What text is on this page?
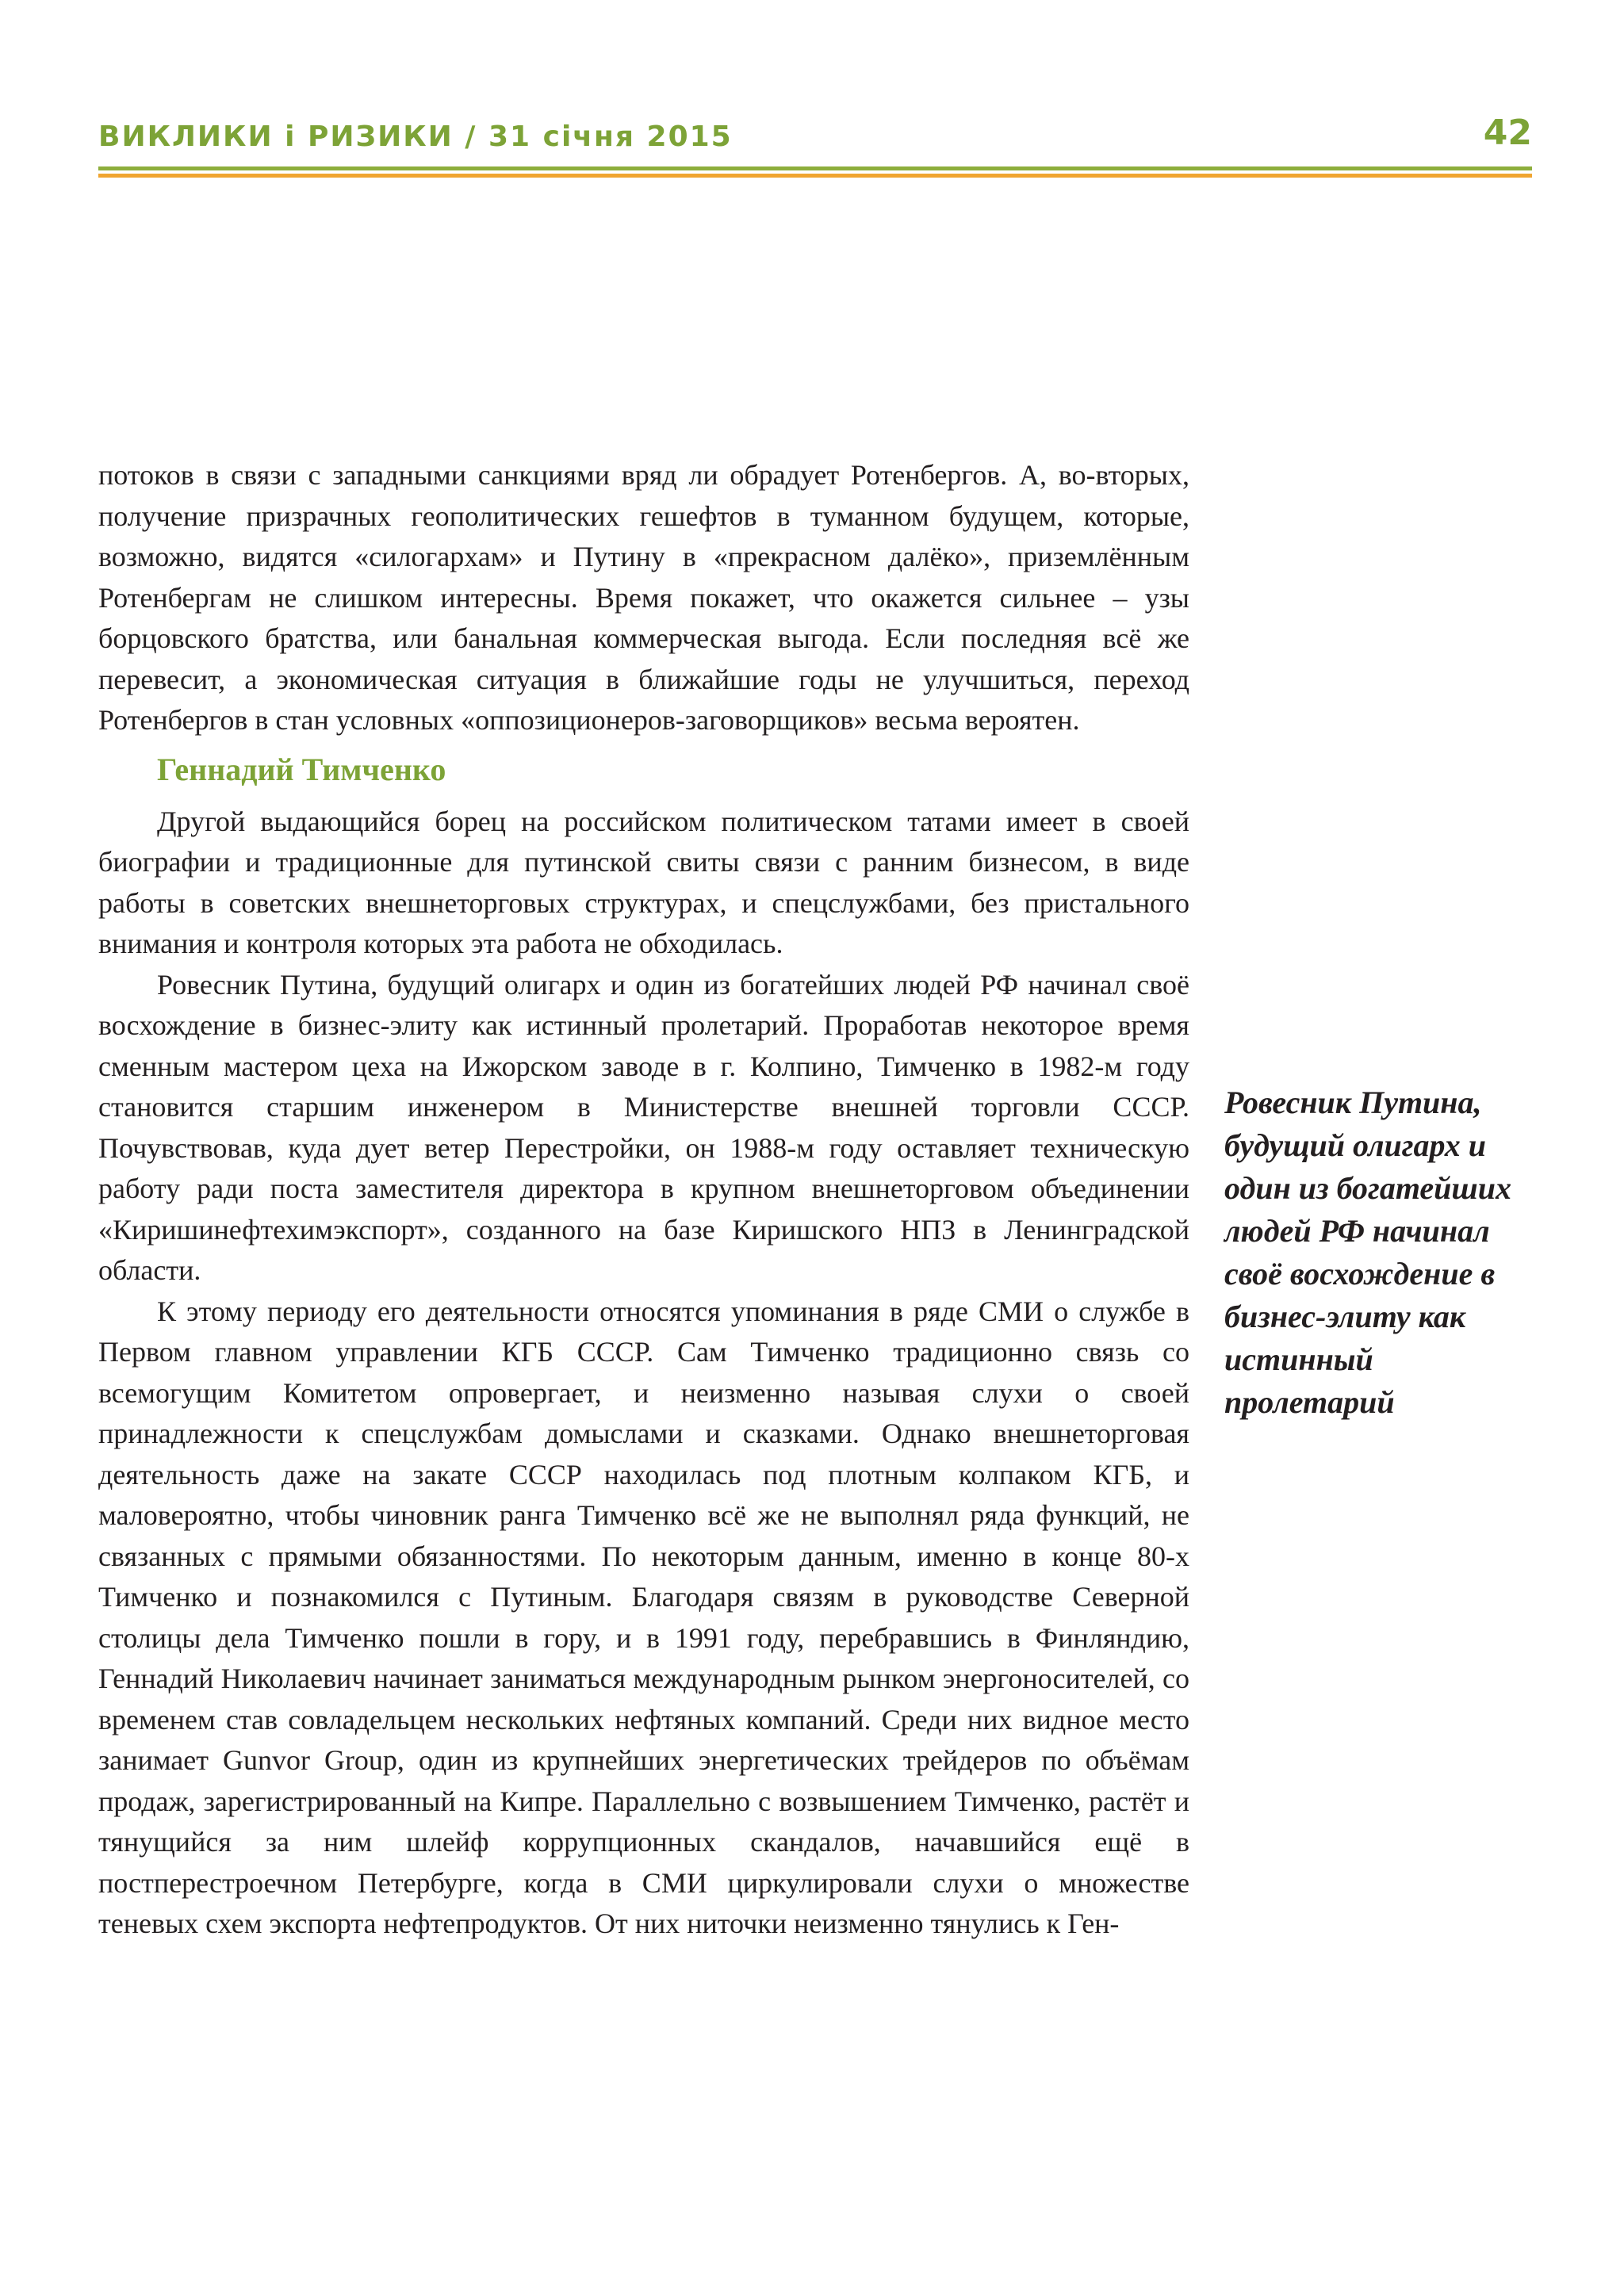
ВИКЛИКИ і РИЗИКИ / 31 січня 2015	42

потоков в связи с западными санкциями вряд ли обрадует Ротенбергов. А, во-вторых, получение призрачных геополитических гешефтов в туманном будущем, которые, возможно, видятся «силогархам» и Путину в «прекрасном далёко», приземлённым Ротенбергам не слишком интересны. Время покажет, что окажется сильнее – узы борцовского братства, или банальная коммерческая выгода. Если последняя всё же перевесит, а экономическая ситуация в ближайшие годы не улучшиться, переход Ротенбергов в стан условных «оппозиционеров-заговорщиков» весьма вероятен.

Геннадий Тимченко

Другой выдающийся борец на российском политическом татами имеет в своей биографии и традиционные для путинской свиты связи с ранним бизнесом, в виде работы в советских внешнеторговых структурах, и спецслужбами, без пристального внимания и контроля которых эта работа не обходилась.

Ровесник Путина, будущий олигарх и один из богатейших людей РФ начинал своё восхождение в бизнес-элиту как истинный пролетарий. Проработав некоторое время сменным мастером цеха на Ижорском заводе в г. Колпино, Тимченко в 1982-м году становится старшим инженером в Министерстве внешней торговли СССР. Почувствовав, куда дует ветер Перестройки, он 1988-м году оставляет техническую работу ради поста заместителя директора в крупном внешнеторговом объединении «Киришинефтехимэкспорт», созданного на базе Киришского НПЗ в Ленинградской области.

К этому периоду его деятельности относятся упоминания в ряде СМИ о службе в Первом главном управлении КГБ СССР. Сам Тимченко традиционно связь со всемогущим Комитетом опровергает, и неизменно называя слухи о своей принадлежности к спецслужбам домыслами и сказками. Однако внешнеторговая деятельность даже на закате СССР находилась под плотным колпаком КГБ, и маловероятно, чтобы чиновник ранга Тимченко всё же не выполнял ряда функций, не связанных с прямыми обязанностями. По некоторым данным, именно в конце 80-х Тимченко и познакомился с Путиным. Благодаря связям в руководстве Северной столицы дела Тимченко пошли в гору, и в 1991 году, перебравшись в Финляндию, Геннадий Николаевич начинает заниматься международным рынком энергоносителей, со временем став совладельцем нескольких нефтяных компаний. Среди них видное место занимает Gunvor Group, один из крупнейших энергетических трейдеров по объёмам продаж, зарегистрированный на Кипре. Параллельно с возвышением Тимченко, растёт и тянущийся за ним шлейф коррупционных скандалов, начавшийся ещё в постперестроечном Петербурге, когда в СМИ циркулировали слухи о множестве теневых схем экспорта нефтепродуктов. От них ниточки неизменно тянулись к Ген-

Ровесник Путина, будущий олигарх и один из богатейших людей РФ начинал своё восхождение в бизнес-элиту как истинный пролетарий
